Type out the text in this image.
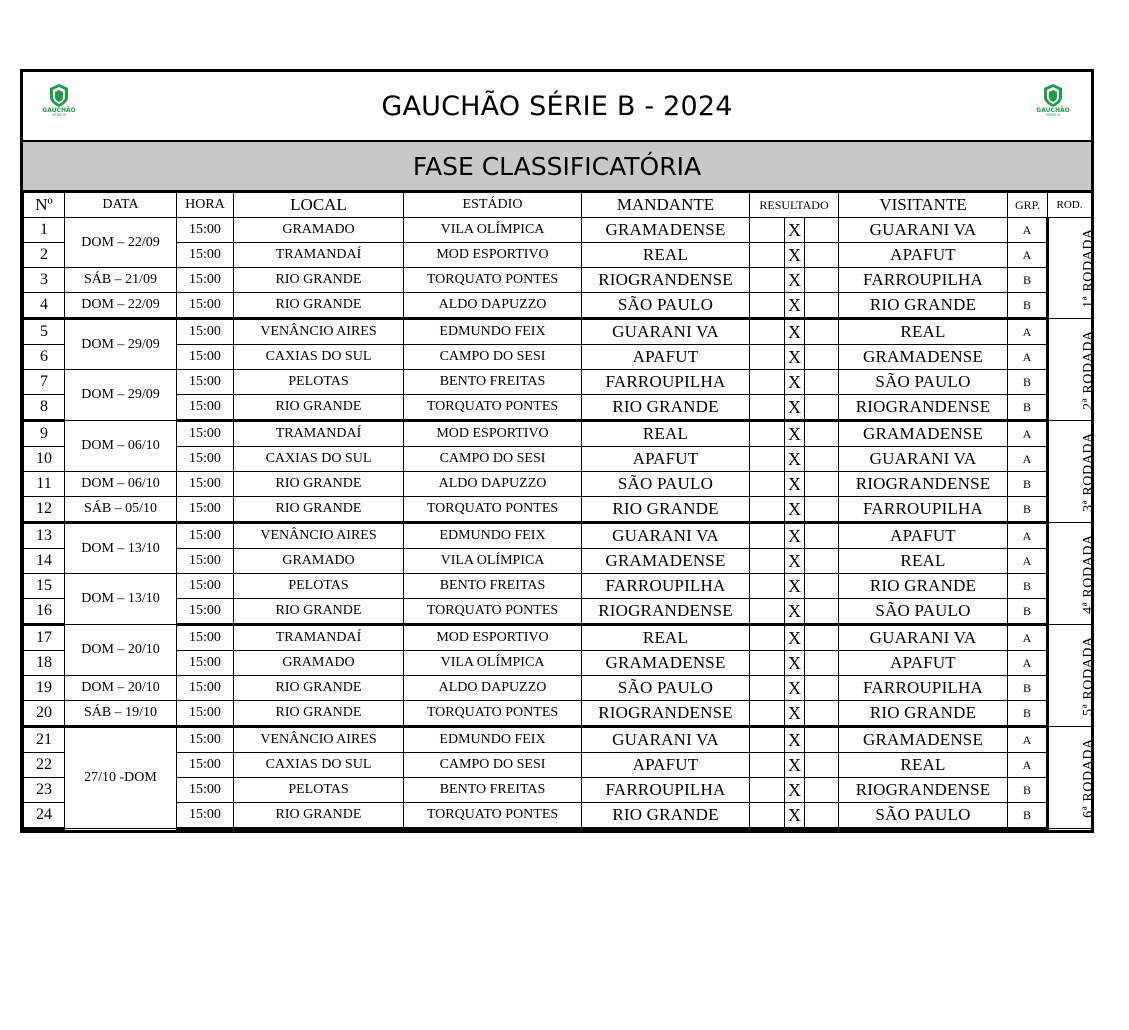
GAUCHÃO
SÉRIE B	GAUCHÃO SÉRIE B - 2024	GAUCHÃO
SÉRIE B
FASE CLASSIFICATÓRIA
Nº	DATA	HORA	LOCAL	ESTÁDIO	MANDANTE	RESULTADO			VISITANTE	GRP.	ROD.
1	DOM – 22/09	15:00	GRAMADO	VILA OLÍMPICA	GRAMADENSE		X		GUARANI VA	A	1ª RODADA
2		15:00	TRAMANDAÍ	MOD ESPORTIVO	REAL		X		APAFUT	A	
3	SÁB – 21/09	15:00	RIO GRANDE	TORQUATO PONTES	RIOGRANDENSE		X		FARROUPILHA	B	
4	DOM – 22/09	15:00	RIO GRANDE	ALDO DAPUZZO	SÃO PAULO		X		RIO GRANDE	B	
5	DOM – 29/09	15:00	VENÂNCIO AIRES	EDMUNDO FEIX	GUARANI VA		X		REAL	A	2ª RODADA
6		15:00	CAXIAS DO SUL	CAMPO DO SESI	APAFUT		X		GRAMADENSE	A	
7	DOM – 29/09	15:00	PELOTAS	BENTO FREITAS	FARROUPILHA		X		SÃO PAULO	B	
8		15:00	RIO GRANDE	TORQUATO PONTES	RIO GRANDE		X		RIOGRANDENSE	B	
9	DOM – 06/10	15:00	TRAMANDAÍ	MOD ESPORTIVO	REAL		X		GRAMADENSE	A	3ª RODADA
10		15:00	CAXIAS DO SUL	CAMPO DO SESI	APAFUT		X		GUARANI VA	A	
11	DOM – 06/10	15:00	RIO GRANDE	ALDO DAPUZZO	SÃO PAULO		X		RIOGRANDENSE	B	
12	SÁB – 05/10	15:00	RIO GRANDE	TORQUATO PONTES	RIO GRANDE		X		FARROUPILHA	B	
13	DOM – 13/10	15:00	VENÂNCIO AIRES	EDMUNDO FEIX	GUARANI VA		X		APAFUT	A	4ª RODADA
14		15:00	GRAMADO	VILA OLÍMPICA	GRAMADENSE		X		REAL	A	
15	DOM – 13/10	15:00	PELOTAS	BENTO FREITAS	FARROUPILHA		X		RIO GRANDE	B	
16		15:00	RIO GRANDE	TORQUATO PONTES	RIOGRANDENSE		X		SÃO PAULO	B	
17	DOM – 20/10	15:00	TRAMANDAÍ	MOD ESPORTIVO	REAL		X		GUARANI VA	A	5ª RODADA
18		15:00	GRAMADO	VILA OLÍMPICA	GRAMADENSE		X		APAFUT	A	
19	DOM – 20/10	15:00	RIO GRANDE	ALDO DAPUZZO	SÃO PAULO		X		FARROUPILHA	B	
20	SÁB – 19/10	15:00	RIO GRANDE	TORQUATO PONTES	RIOGRANDENSE		X		RIO GRANDE	B	
21	27/10 -DOM	15:00	VENÂNCIO AIRES	EDMUNDO FEIX	GUARANI VA		X		GRAMADENSE	A	6ª RODADA
22		15:00	CAXIAS DO SUL	CAMPO DO SESI	APAFUT		X		REAL	A	
23		15:00	PELOTAS	BENTO FREITAS	FARROUPILHA		X		RIOGRANDENSE	B	
24		15:00	RIO GRANDE	TORQUATO PONTES	RIO GRANDE		X		SÃO PAULO	B	
